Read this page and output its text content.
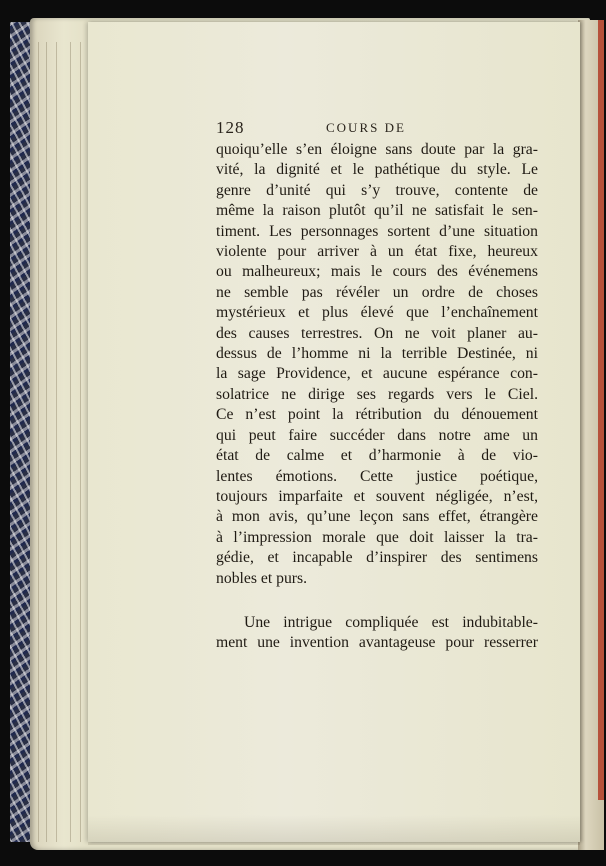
128	COURS DE
quoiqu’elle s’en éloigne sans doute par la gra-
vité, la dignité et le pathétique du style. Le
genre d’unité qui s’y trouve, contente de
même la raison plutôt qu’il ne satisfait le sen-
timent. Les personnages sortent d’une situation
violente pour arriver à un état fixe, heureux
ou malheureux; mais le cours des événemens
ne semble pas révéler un ordre de choses
mystérieux et plus élevé que l’enchaînement
des causes terrestres. On ne voit planer au-
dessus de l’homme ni la terrible Destinée, ni
la sage Providence, et aucune espérance con-
solatrice ne dirige ses regards vers le Ciel.
Ce n’est point la rétribution du dénouement
qui peut faire succéder dans notre ame un
état de calme et d’harmonie à de vio-
lentes émotions. Cette justice poétique,
toujours imparfaite et souvent négligée, n’est,
à mon avis, qu’une leçon sans effet, étrangère
à l’impression morale que doit laisser la tra-
gédie, et incapable d’inspirer des sentimens
nobles et purs.
Une intrigue compliquée est indubitable-
ment une invention avantageuse pour resserrer
